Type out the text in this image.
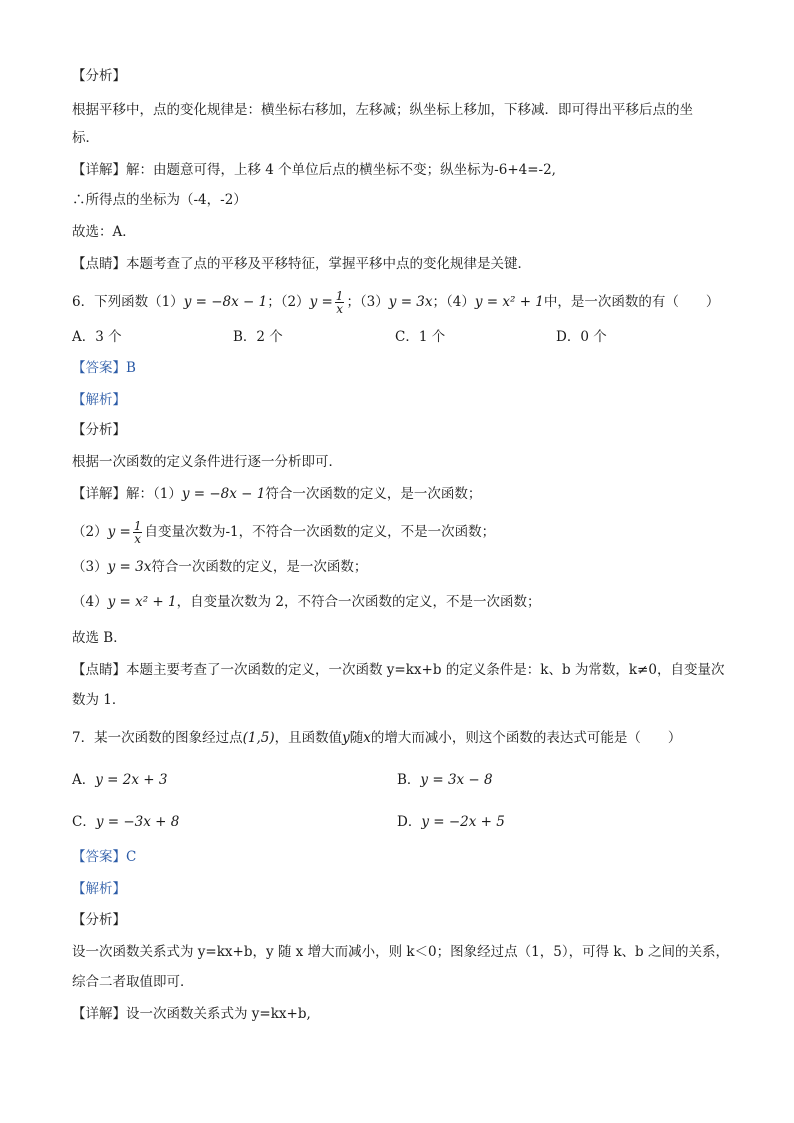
【分析】
根据平移中，点的变化规律是：横坐标右移加，左移减；纵坐标上移加，下移减．即可得出平移后点的坐
标．
【详解】解：由题意可得，上移 4 个单位后点的横坐标不变；纵坐标为-6+4=-2,
∴所得点的坐标为（-4，-2）
故选：A．
【点睛】本题考查了点的平移及平移特征，掌握平移中点的变化规律是关键．
6．下列函数（1）y = −8x − 1；$(2)y = \frac{1}{x}$ ；（3）y = 3x；（4）y = x² + 1中，是一次函数的有（　　）
A．3 个	B．2 个	C．1 个	D．0 个
【答案】B
【解析】
【分析】
根据一次函数的定义条件进行逐一分析即可．
【详解】解：（1）y = −8x − 1符合一次函数的定义，是一次函数；
$(2)y = \frac{1}{x}$ 自变量次数为-1，不符合一次函数的定义，不是一次函数；
（3）y = 3x符合一次函数的定义，是一次函数；
（4）y = x² + 1，自变量次数为 2，不符合一次函数的定义，不是一次函数；
故选 B．
【点睛】本题主要考查了一次函数的定义，一次函数 y=kx+b 的定义条件是：k、b 为常数，k≠0，自变量次
数为 1．
7．某一次函数的图象经过点(1,5)，且函数值y随x的增大而减小，则这个函数的表达式可能是（　　）
A．y = 2x + 3	B．y = 3x − 8
C．y = −3x + 8	D．y = −2x + 5
【答案】C
【解析】
【分析】
设一次函数关系式为 y=kx+b，y 随 x 增大而减小，则 k＜0；图象经过点（1，5），可得 k、b 之间的关系，
综合二者取值即可．
【详解】设一次函数关系式为 y=kx+b,
